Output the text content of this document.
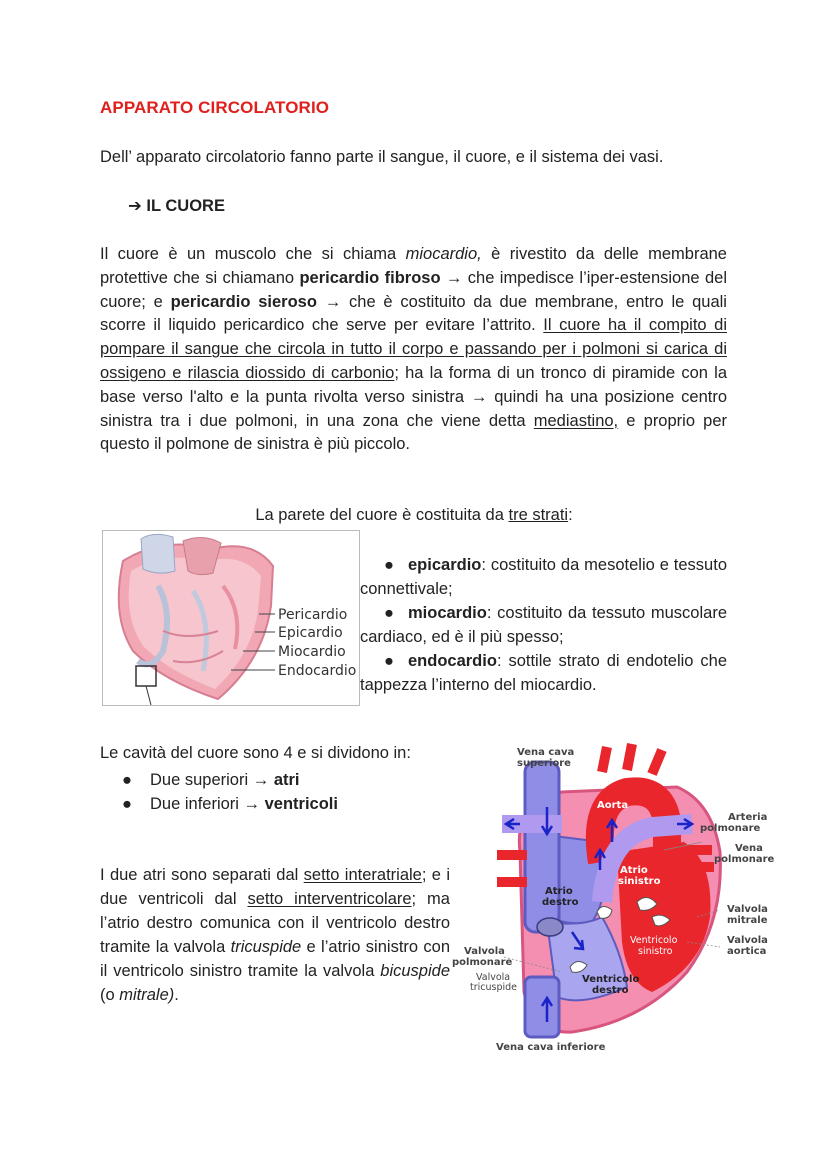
APPARATO CIRCOLATORIO
Dell’ apparato circolatorio fanno parte il sangue, il cuore, e il sistema dei vasi.
➔ IL CUORE
Il cuore è un muscolo che si chiama miocardio, è rivestito da delle membrane protettive che si chiamano pericardio fibroso → che impedisce l’iper-estensione del cuore; e pericardio sieroso → che è costituito da due membrane, entro le quali scorre il liquido pericardico che serve per evitare l’attrito. Il cuore ha il compito di pompare il sangue che circola in tutto il corpo e passando per i polmoni si carica di ossigeno e rilascia diossido di carbonio; ha la forma di un tronco di piramide con la base verso l'alto e la punta rivolta verso sinistra → quindi ha una posizione centro sinistra tra i due polmoni, in una zona che viene detta mediastino, e proprio per questo il polmone de sinistra è più piccolo.
La parete del cuore è costituita da tre strati:
Pericardio
Epicardio
Miocardio
Endocardio
● epicardio: costituito da mesotelio e tessuto connettivale;
● miocardio: costituito da tessuto muscolare cardiaco, ed è il più spesso;
● endocardio: sottile strato di endotelio che tappezza l’interno del miocardio.
Le cavità del cuore sono 4 e si dividono in:
● Due superiori → atri
● Due inferiori → ventricoli
I due atri sono separati dal setto interatriale; e i due ventricoli dal setto interventricolare; ma l’atrio destro comunica con il ventricolo destro tramite la valvola tricuspide e l’atrio sinistro con il ventricolo sinistro tramite la valvola bicuspide (o mitrale).
Vena cava
superiore
Aorta
Arteria
polmonare
Vena
polmonare
Atrio
sinistro
Atrio
destro
Valvola
mitrale
Valvola
aortica
Ventricolo
sinistro
Valvola
polmonare
Valvola
tricuspide
Ventricolo
destro
Vena cava inferiore
